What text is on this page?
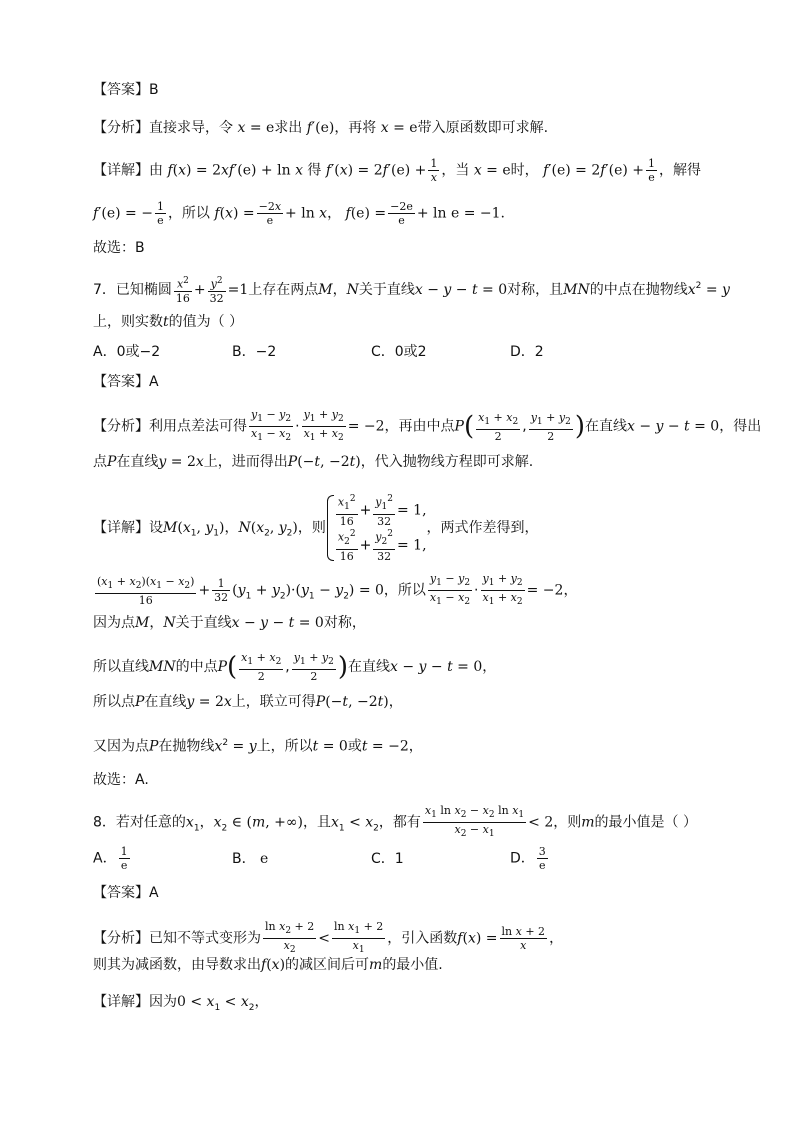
【答案】B
【分析】直接求导，令 x = e求出 f′(e)，再将 x = e带入原函数即可求解.
【详解】由 f(x) = 2xf′(e) + ln x 得 $f'(x) = 2f'(e) + \frac{1}{x}$ ，当 x = e时， $f'(e) = 2f'(e) + \frac{1}{e}$ ，解得
f′(e) = − $\frac{1}{e}$ ，所以 $f(x) = \frac{-2x}{e} + \ln x$， $f(e) = \frac{-2e}{e} + \ln e = -1$.
故选：B
7．已知椭圆 $\frac{x^2}{16} + \frac{y^2}{32} =1$上存在两点M，N关于直线x − y − t = 0对称，且MN的中点在抛物线$x^2 = y$
上，则实数t的值为（ ）
A．0或−2	B．−2	C．0或2	D．2
【答案】A
【分析】利用点差法可得 $\frac{y_1 - y_2}{x_1 - x_2} \cdot \frac{y_1 + y_2}{x_1 + x_2} = -2$，再由中点$P( \frac{x_1 + x_2}{2}$ , $\frac{y_1 + y_2}{2}$ )在直线x − y − t = 0，得出
点P在直线y = 2x上，进而得出P(−t, −2t)，代入抛物线方程即可求解.
【详解】设$M(x_1$, $y_1$)，$N(x_2$, $y_2$)，则 $\frac{x_1^2}{16} + \frac{y_1^2}{32} = 1$,
$\frac{x_2^2}{16} + \frac{y_2^2}{32} = 1$,
，两式作差得到，
$\frac{(x_1 + x_2)(x_1 - x_2)}{16} + \frac{1}{32} (y_1 + y_2)\cdot(y_1 - y_2) = 0$，所以 $\frac{y_1 - y_2}{x_1 - x_2} \cdot \frac{y_1 + y_2}{x_1 + x_2} = -2$，
因为点M，N关于直线x − y − t = 0对称，
所以直线MN的中点$P( \frac{x_1 + x_2}{2}$ , $\frac{y_1 + y_2}{2}$ )在直线x − y − t = 0，
所以点P在直线y = 2x上，联立可得P(−t, −2t)，
又因为点P在抛物线$x^2 = y$上，所以t = 0或t = −2，
故选：A.
8．若对任意的$x_1$，$x_2$ ∈ (m, +∞)，且$x_1 < x_2$，都有 $\frac{x_1 \ln x_2 - x_2 \ln x_1}{x_2 - x_1} < 2$，则m的最小值是（ ）
A． $\frac{1}{e}$	B． e	C．1	D． $\frac{3}{e}$
【答案】A
【分析】已知不等式变形为 $\frac{\ln x_2 + 2}{x_2} < \frac{\ln x_1 + 2}{x_1}$ ，引入函数$f(x) = \frac{\text{ln x + 2}}{x}$ ，
则其为减函数，由导数求出f(x)的减区间后可m的最小值.
【详解】因为$0 < x_1 < x_2$，
